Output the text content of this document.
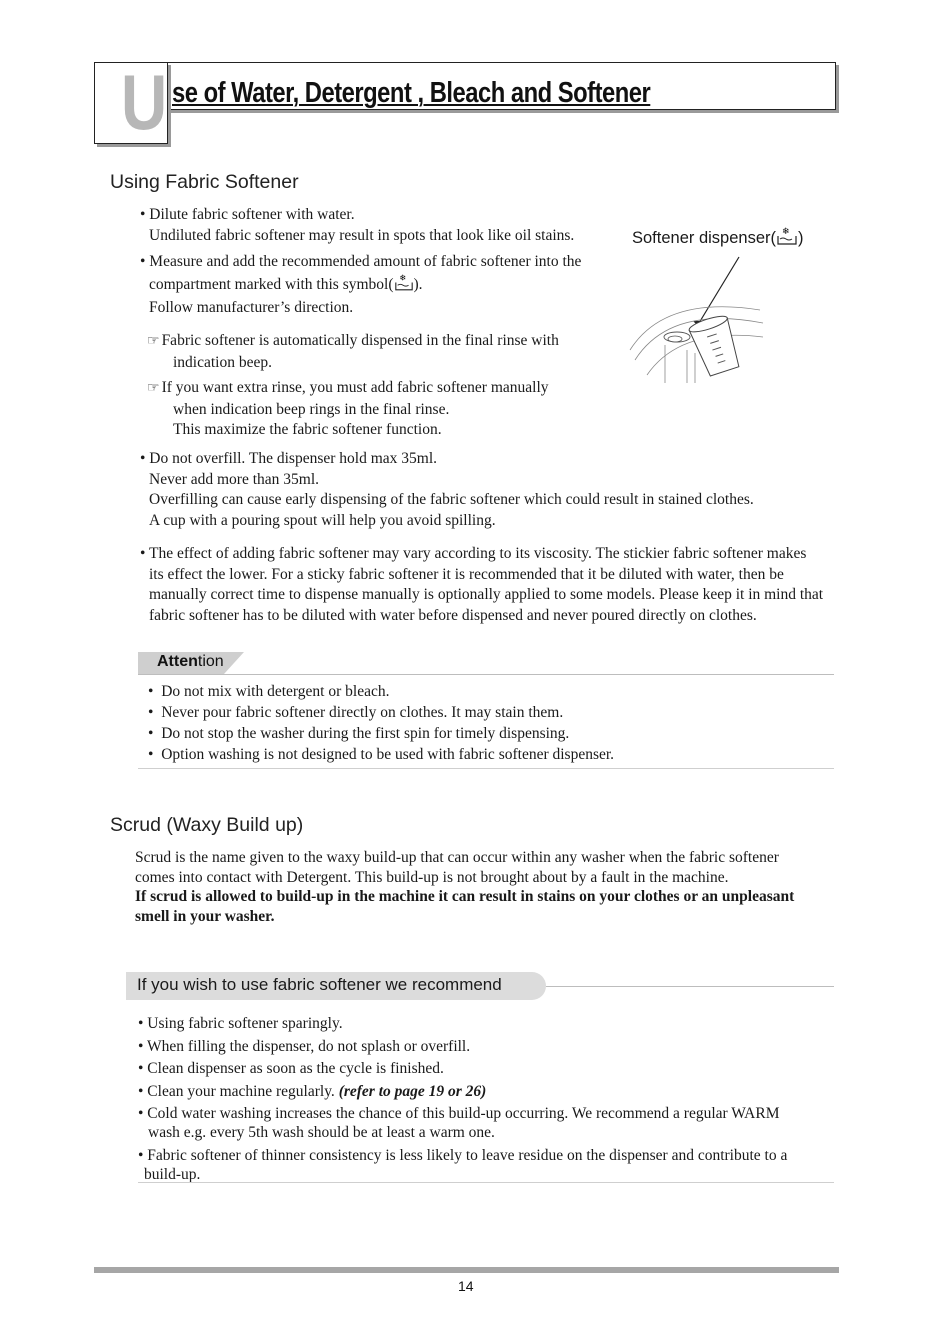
U se of Water, Detergent , Bleach and Softener
Using Fabric Softener

• Dilute fabric softener with water.

Undiluted fabric softener may result in spots that look like oil stains.	Softener dispenser( ❄ )

• Measure and add the recommended amount of fabric softener into the

compartment marked with this symbol( ❄ ).

Follow manufacturer’s direction.

☞ Fabric softener is automatically dispensed in the final rinse with

indication beep.

☞ If you want extra rinse, you must add fabric softener manually

when indication beep rings in the final rinse.

This maximize the fabric softener function.

• Do not overfill. The dispenser hold max 35ml.

Never add more than 35ml.

Overfilling can cause early dispensing of the fabric softener which could result in stained clothes.

A cup with a pouring spout will help you avoid spilling.

• The effect of adding fabric softener may vary according to its viscosity. The stickier fabric softener makes

its effect the lower. For a sticky fabric softener it is recommended that it be diluted with water, then be

manually correct time to dispense manually is optionally applied to some models. Please keep it in mind that

fabric softener has to be diluted with water before dispensed and never poured directly on clothes.

Attention

•  Do not mix with detergent or bleach.

•  Never pour fabric softener directly on clothes. It may stain them.

•  Do not stop the washer during the first spin for timely dispensing.

•  Option washing is not designed to be used with fabric softener dispenser.

Scrud (Waxy Build up)

Scrud is the name given to the waxy build-up that can occur within any washer when the fabric softener

comes into contact with Detergent. This build-up is not brought about by a fault in the machine.

If scrud is allowed to build-up in the machine it can result in stains on your clothes or an unpleasant

smell in your washer.

If you wish to use fabric softener we recommend

• Using fabric softener sparingly.

• When filling the dispenser, do not splash or overfill.

• Clean dispenser as soon as the cycle is finished.

• Clean your machine regularly. (refer to page 19 or 26)

• Cold water washing increases the chance of this build-up occurring. We recommend a regular WARM

wash e.g. every 5th wash should be at least a warm one.

• Fabric softener of thinner consistency is less likely to leave residue on the dispenser and contribute to a

build-up.

14
